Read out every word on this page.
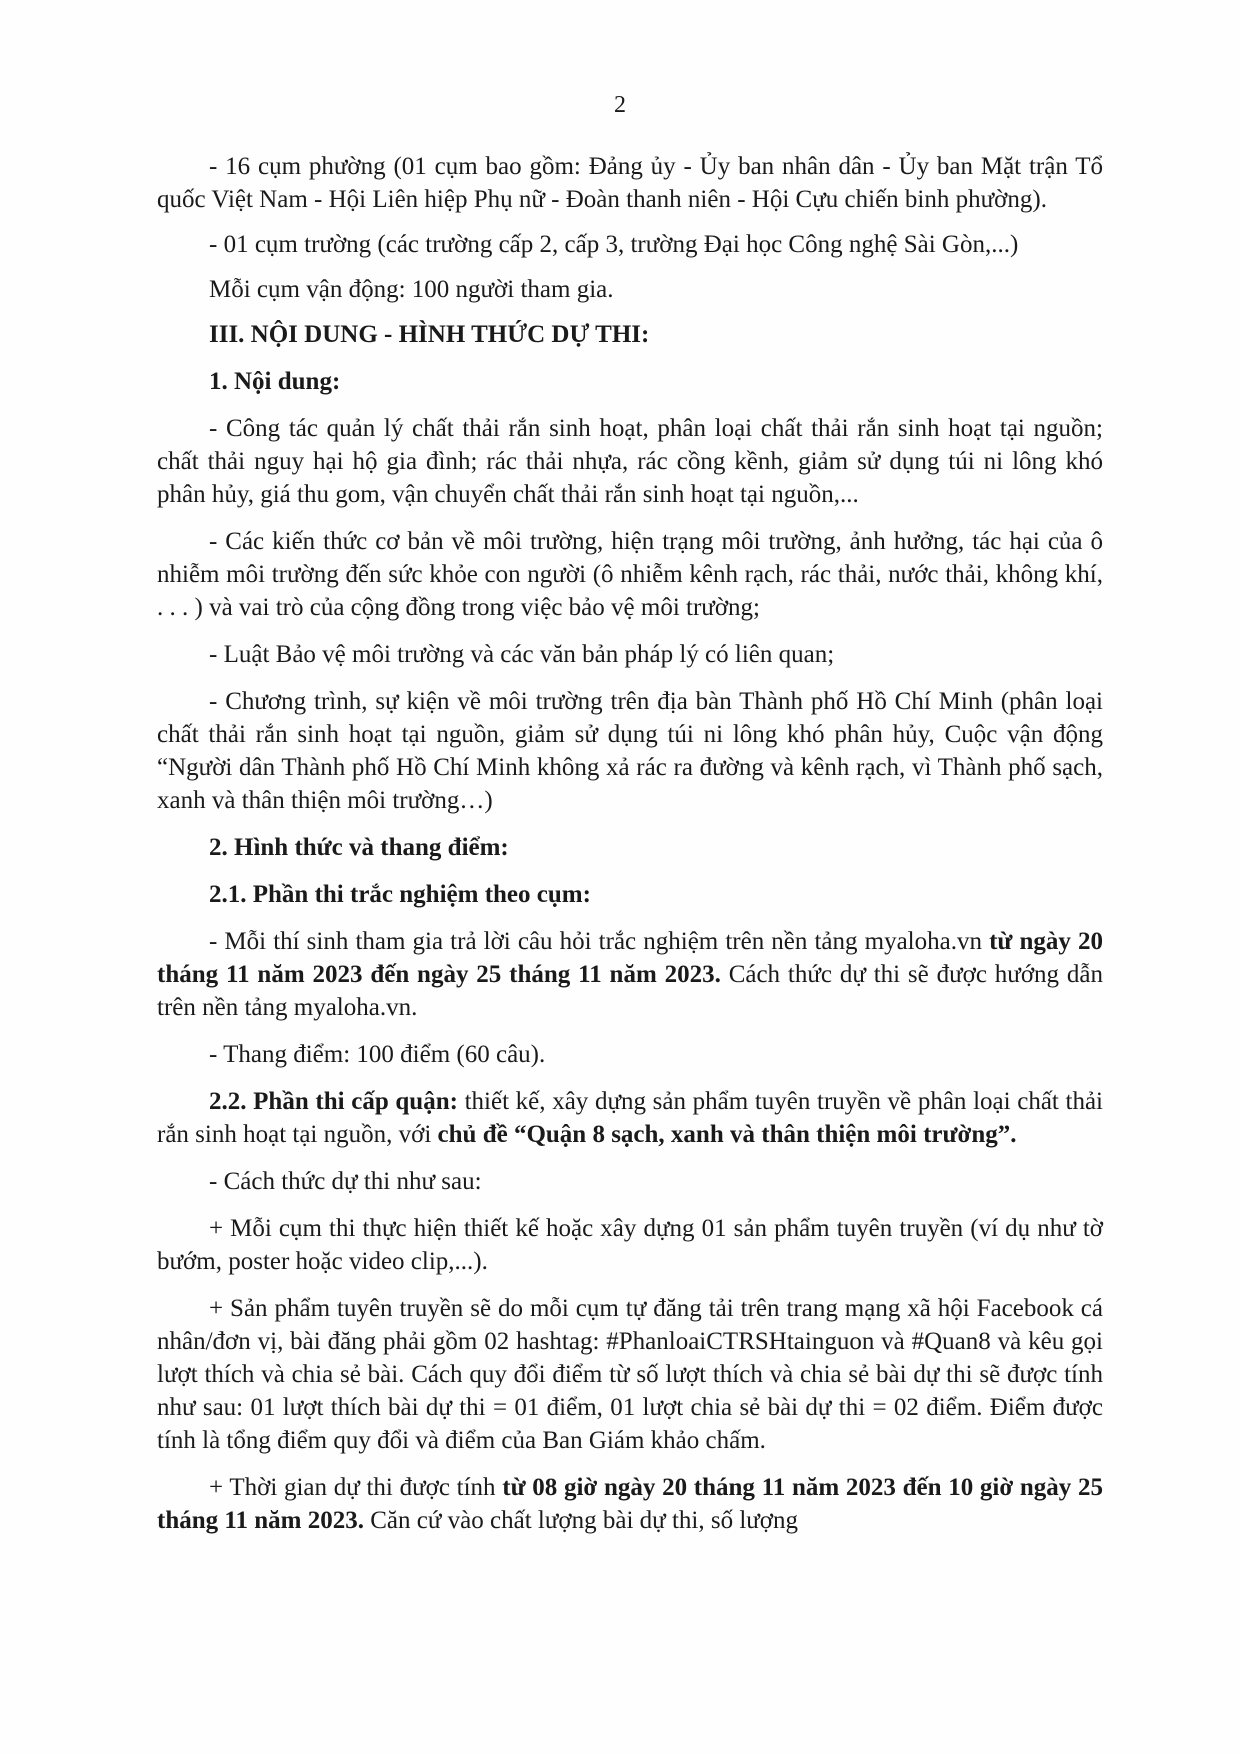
2

- 16 cụm phường (01 cụm bao gồm: Đảng ủy - Ủy ban nhân dân - Ủy ban Mặt trận Tổ quốc Việt Nam - Hội Liên hiệp Phụ nữ - Đoàn thanh niên - Hội Cựu chiến binh phường).

- 01 cụm trường (các trường cấp 2, cấp 3, trường Đại học Công nghệ Sài Gòn,...)

Mỗi cụm vận động: 100 người tham gia.

III. NỘI DUNG - HÌNH THỨC DỰ THI:

1. Nội dung:

- Công tác quản lý chất thải rắn sinh hoạt, phân loại chất thải rắn sinh hoạt tại nguồn; chất thải nguy hại hộ gia đình; rác thải nhựa, rác cồng kềnh, giảm sử dụng túi ni lông khó phân hủy, giá thu gom, vận chuyển chất thải rắn sinh hoạt tại nguồn,...

- Các kiến thức cơ bản về môi trường, hiện trạng môi trường, ảnh hưởng, tác hại của ô nhiễm môi trường đến sức khỏe con người (ô nhiễm kênh rạch, rác thải, nước thải, không khí, . . . ) và vai trò của cộng đồng trong việc bảo vệ môi trường;

- Luật Bảo vệ môi trường và các văn bản pháp lý có liên quan;

- Chương trình, sự kiện về môi trường trên địa bàn Thành phố Hồ Chí Minh (phân loại chất thải rắn sinh hoạt tại nguồn, giảm sử dụng túi ni lông khó phân hủy, Cuộc vận động “Người dân Thành phố Hồ Chí Minh không xả rác ra đường và kênh rạch, vì Thành phố sạch, xanh và thân thiện môi trường…)

2. Hình thức và thang điểm:

2.1. Phần thi trắc nghiệm theo cụm:

- Mỗi thí sinh tham gia trả lời câu hỏi trắc nghiệm trên nền tảng myaloha.vn từ ngày 20 tháng 11 năm 2023 đến ngày 25 tháng 11 năm 2023. Cách thức dự thi sẽ được hướng dẫn trên nền tảng myaloha.vn.

- Thang điểm: 100 điểm (60 câu).

2.2. Phần thi cấp quận: thiết kế, xây dựng sản phẩm tuyên truyền về phân loại chất thải rắn sinh hoạt tại nguồn, với chủ đề “Quận 8 sạch, xanh và thân thiện môi trường”.

- Cách thức dự thi như sau:

+ Mỗi cụm thi thực hiện thiết kế hoặc xây dựng 01 sản phẩm tuyên truyền (ví dụ như tờ bướm, poster hoặc video clip,...).

+ Sản phẩm tuyên truyền sẽ do mỗi cụm tự đăng tải trên trang mạng xã hội Facebook cá nhân/đơn vị, bài đăng phải gồm 02 hashtag: #PhanloaiCTRSHtainguon và #Quan8 và kêu gọi lượt thích và chia sẻ bài. Cách quy đổi điểm từ số lượt thích và chia sẻ bài dự thi sẽ được tính như sau: 01 lượt thích bài dự thi = 01 điểm, 01 lượt chia sẻ bài dự thi = 02 điểm. Điểm được tính là tổng điểm quy đổi và điểm của Ban Giám khảo chấm.

+ Thời gian dự thi được tính từ 08 giờ ngày 20 tháng 11 năm 2023 đến 10 giờ ngày 25 tháng 11 năm 2023. Căn cứ vào chất lượng bài dự thi, số lượng
